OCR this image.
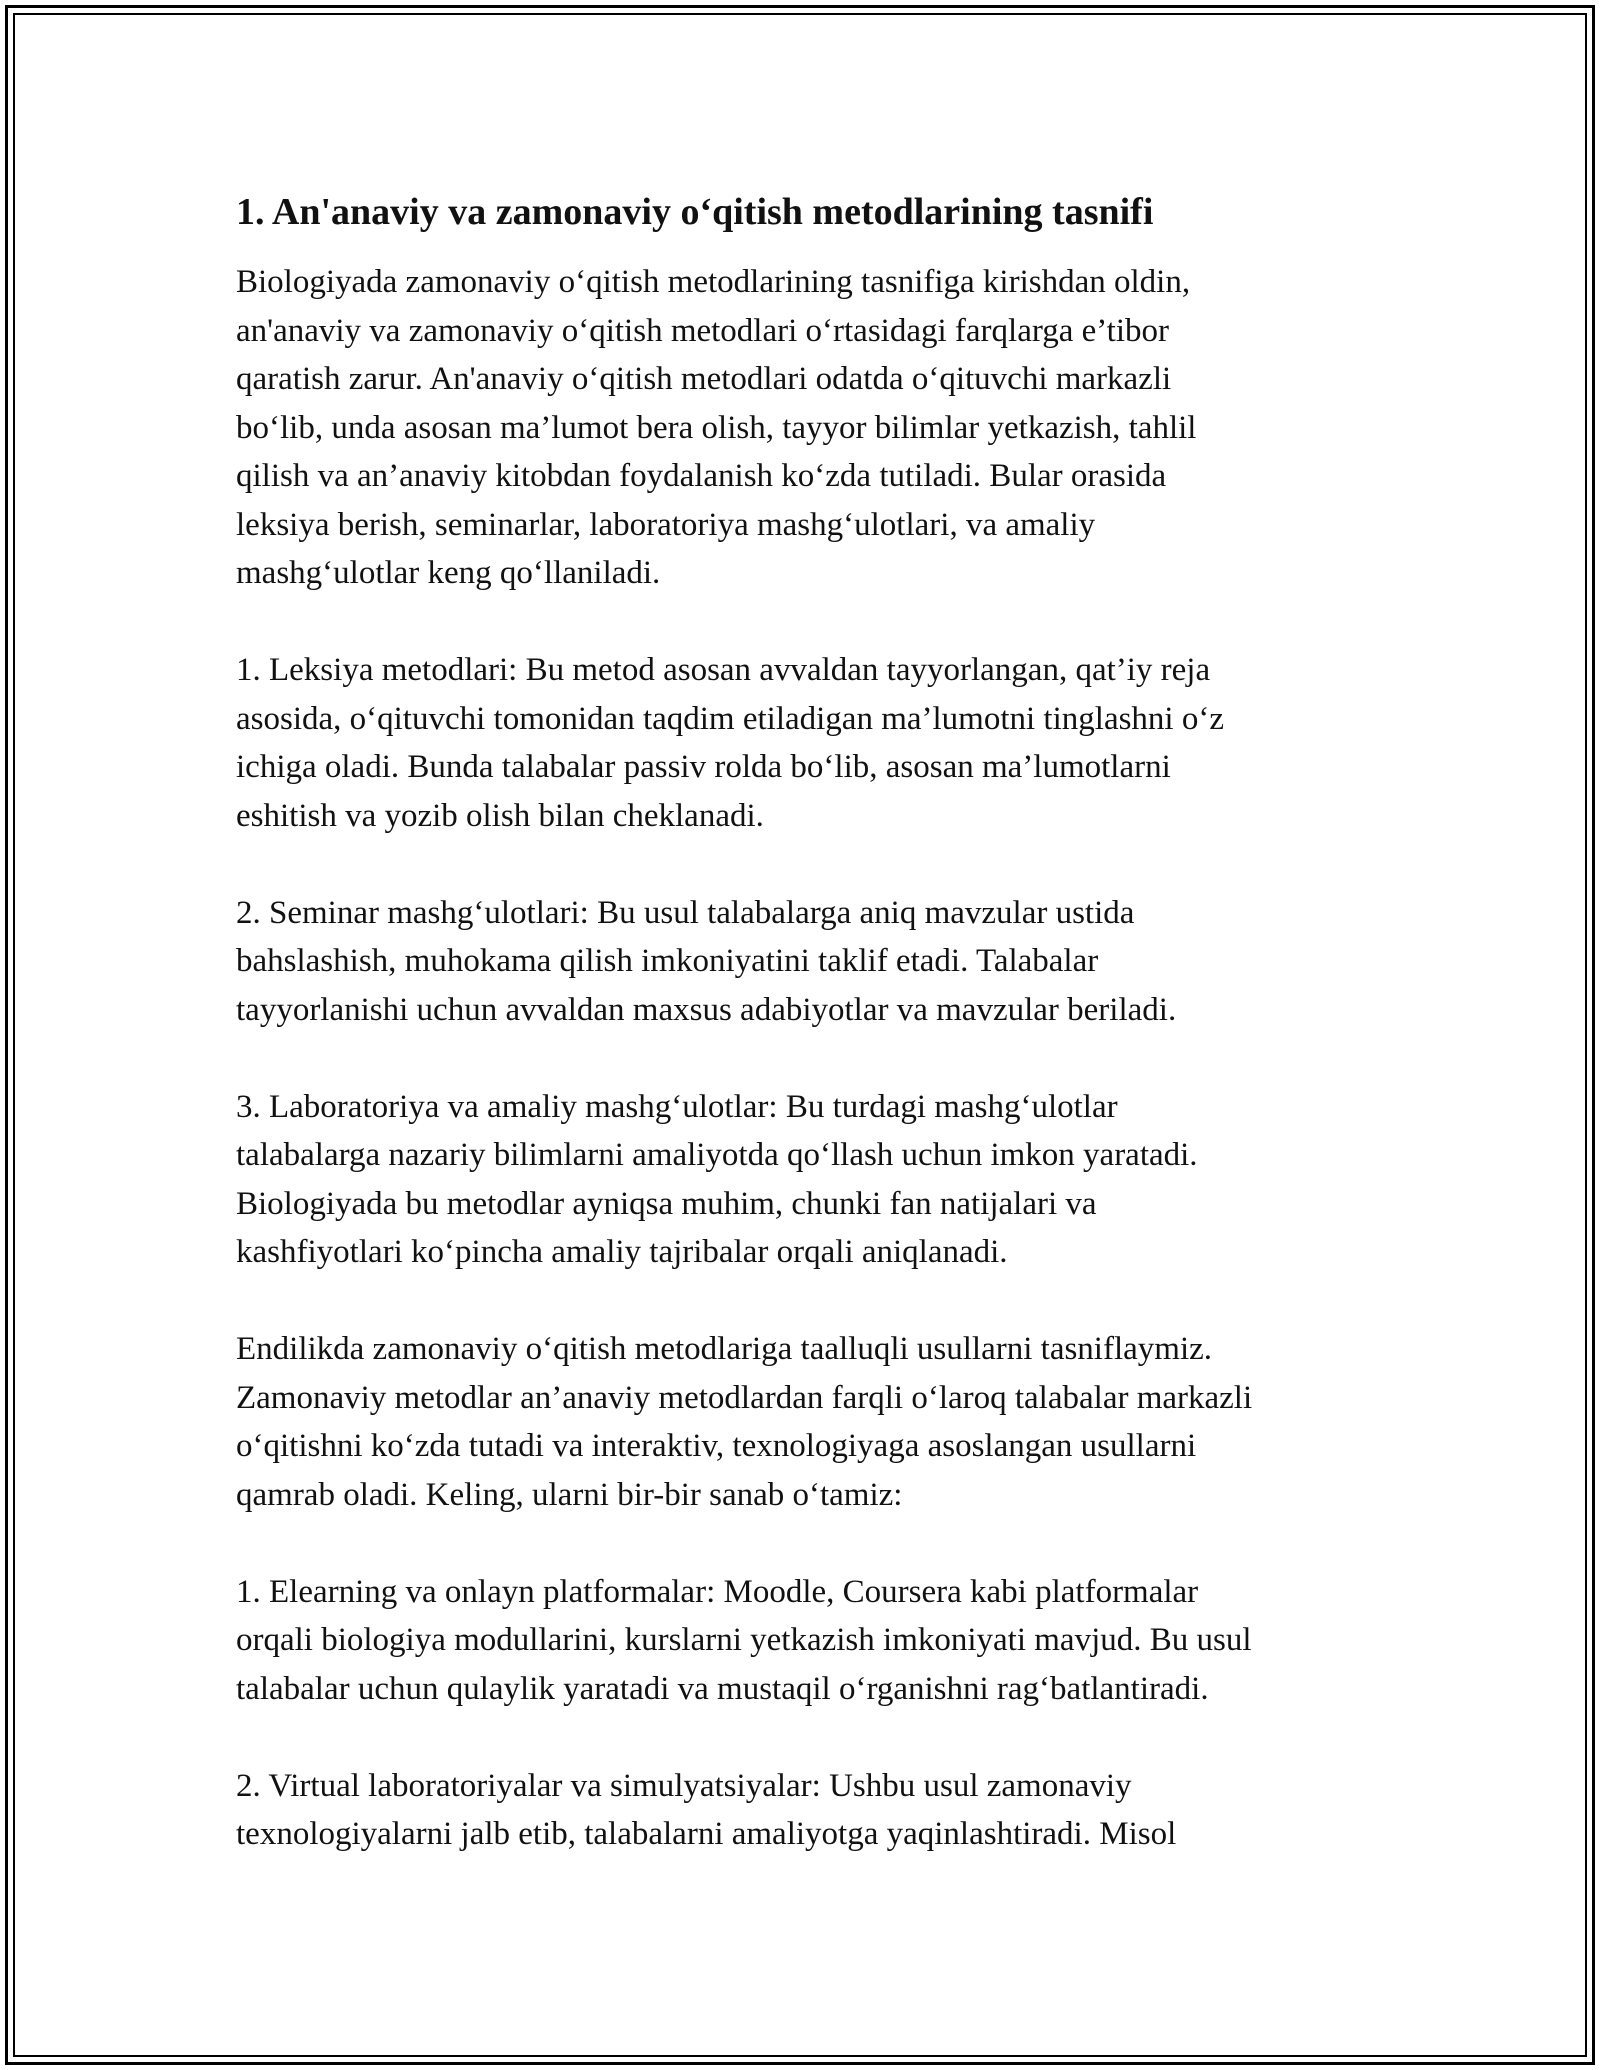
1. An'anaviy va zamonaviy o‘qitish metodlarining tasnifi

Biologiyada zamonaviy o‘qitish metodlarining tasnifiga kirishdan oldin,
an'anaviy va zamonaviy o‘qitish metodlari o‘rtasidagi farqlarga e’tibor
qaratish zarur. An'anaviy o‘qitish metodlari odatda o‘qituvchi markazli
bo‘lib, unda asosan ma’lumot bera olish, tayyor bilimlar yetkazish, tahlil
qilish va an’anaviy kitobdan foydalanish ko‘zda tutiladi. Bular orasida
leksiya berish, seminarlar, laboratoriya mashg‘ulotlari, va amaliy
mashg‘ulotlar keng qo‘llaniladi.

1. Leksiya metodlari: Bu metod asosan avvaldan tayyorlangan, qat’iy reja
asosida, o‘qituvchi tomonidan taqdim etiladigan ma’lumotni tinglashni o‘z
ichiga oladi. Bunda talabalar passiv rolda bo‘lib, asosan ma’lumotlarni
eshitish va yozib olish bilan cheklanadi.

2. Seminar mashg‘ulotlari: Bu usul talabalarga aniq mavzular ustida
bahslashish, muhokama qilish imkoniyatini taklif etadi. Talabalar
tayyorlanishi uchun avvaldan maxsus adabiyotlar va mavzular beriladi.

3. Laboratoriya va amaliy mashg‘ulotlar: Bu turdagi mashg‘ulotlar
talabalarga nazariy bilimlarni amaliyotda qo‘llash uchun imkon yaratadi.
Biologiyada bu metodlar ayniqsa muhim, chunki fan natijalari va
kashfiyotlari ko‘pincha amaliy tajribalar orqali aniqlanadi.

Endilikda zamonaviy o‘qitish metodlariga taalluqli usullarni tasniflaymiz.
Zamonaviy metodlar an’anaviy metodlardan farqli o‘laroq talabalar markazli
o‘qitishni ko‘zda tutadi va interaktiv, texnologiyaga asoslangan usullarni
qamrab oladi. Keling, ularni bir-bir sanab o‘tamiz:

1. Elearning va onlayn platformalar: Moodle, Coursera kabi platformalar
orqali biologiya modullarini, kurslarni yetkazish imkoniyati mavjud. Bu usul
talabalar uchun qulaylik yaratadi va mustaqil o‘rganishni rag‘batlantiradi.

2. Virtual laboratoriyalar va simulyatsiyalar: Ushbu usul zamonaviy
texnologiyalarni jalb etib, talabalarni amaliyotga yaqinlashtiradi. Misol
